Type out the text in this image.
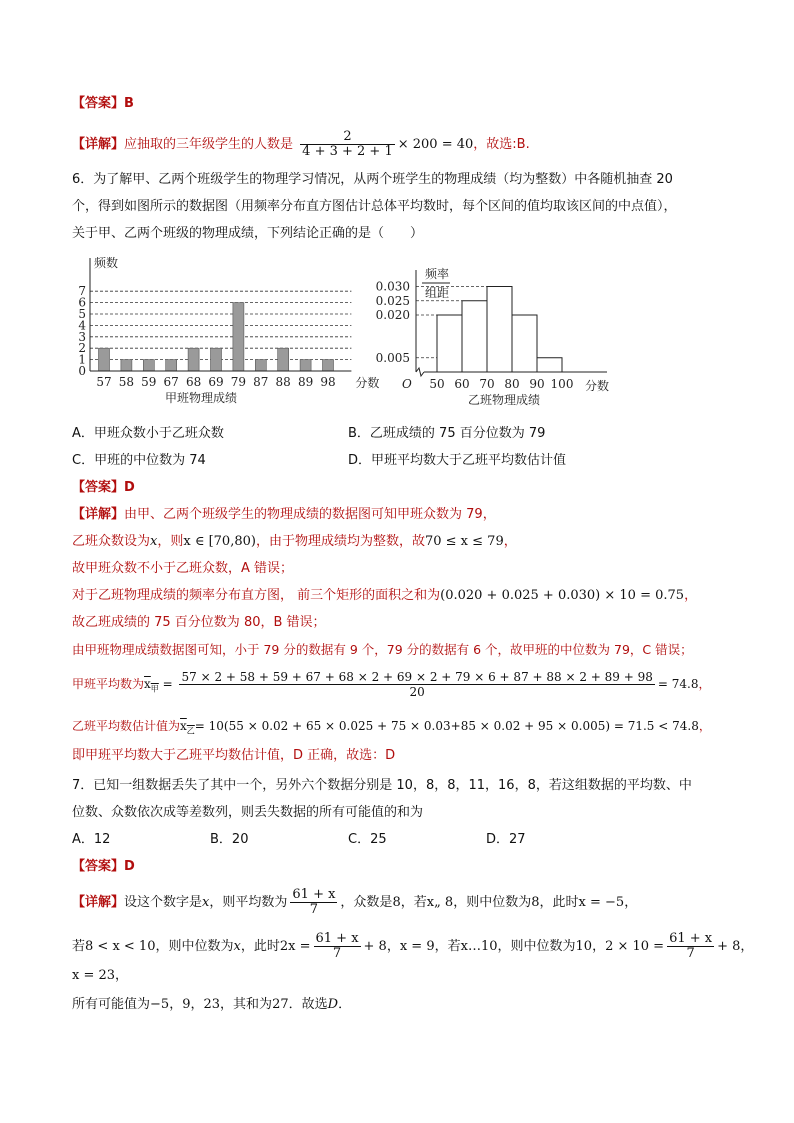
【答案】B
【详解】应抽取的三年级学生的人数是 $\frac{2}{4 + 3 + 2 + 1} \times 200 = 40$，故选:B.
6．为了解甲、乙两个班级学生的物理学习情况，从两个班学生的物理成绩（均为整数）中各随机抽查 20
个，得到如图所示的数据图（用频率分布直方图估计总体平均数时，每个区间的值均取该区间的中点值），
关于甲、乙两个班级的物理成绩，下列结论正确的是（　　）
频数
0
1
2
3
4
5
6
7
57 58 59 67 68 69 79 87 88 89 98 分数
甲班物理成绩
频率
组距
0.030
0.025
0.020
0.005
50 60 70 80 90 100
O	分数
乙班物理成绩
A．甲班众数小于乙班众数	B．乙班成绩的 75 百分位数为 79
C．甲班的中位数为 74	D．甲班平均数大于乙班平均数估计值
【答案】D
【详解】由甲、乙两个班级学生的物理成绩的数据图可知甲班众数为 79，
乙班众数设为x，则x ∈ [70,80)，由于物理成绩均为整数，故70 ≤ x ≤ 79，
故甲班众数不小于乙班众数，A 错误；
对于乙班物理成绩的频率分布直方图， 前三个矩形的面积之和为(0.020 + 0.025 + 0.030) × 10 = 0.75，
故乙班成绩的 75 百分位数为 80，B 错误；
由甲班物理成绩数据图可知，小于 79 分的数据有 9 个，79 分的数据有 6 个，故甲班的中位数为 79，C 错误；
甲班平均数为$x_甲 = 57 \times 2 + 58 + 59 + 67 + 68 \times 2 + 69 \times 2 + 79 \times 6 + 87 + 88 \times 2 + 89 + 98$
20
= 74.8，
乙班平均数估计值为$x_乙= 10(55 \times 0.02 + 65 \times 0.025 + 75 \times 0.03+85 \times 0.02 + 95 \times 0.005) = 71.5 < 74.8$，
即甲班平均数大于乙班平均数估计值，D 正确，故选：D
7．已知一组数据丢失了其中一个，另外六个数据分别是 10，8，8，11，16，8，若这组数据的平均数、中
位数、众数依次成等差数列，则丢失数据的所有可能值的和为
A．12	B．20	C．25	D．27
【答案】D
【详解】设这个数字是x，则平均数为 $\frac{61 + x}{7}$ ，众数是8，若x„ 8，则中位数为8，此时x = −5，
若8 < x < 10，则中位数为x，此时$2x = \frac{61 + x}{7} + 8$，x = 9，若x…10，则中位数为10，$2 \times 10 = \frac{61 + x}{7} + 8$，
x = 23，
所有可能值为−5，9，23，其和为27．故选D．
